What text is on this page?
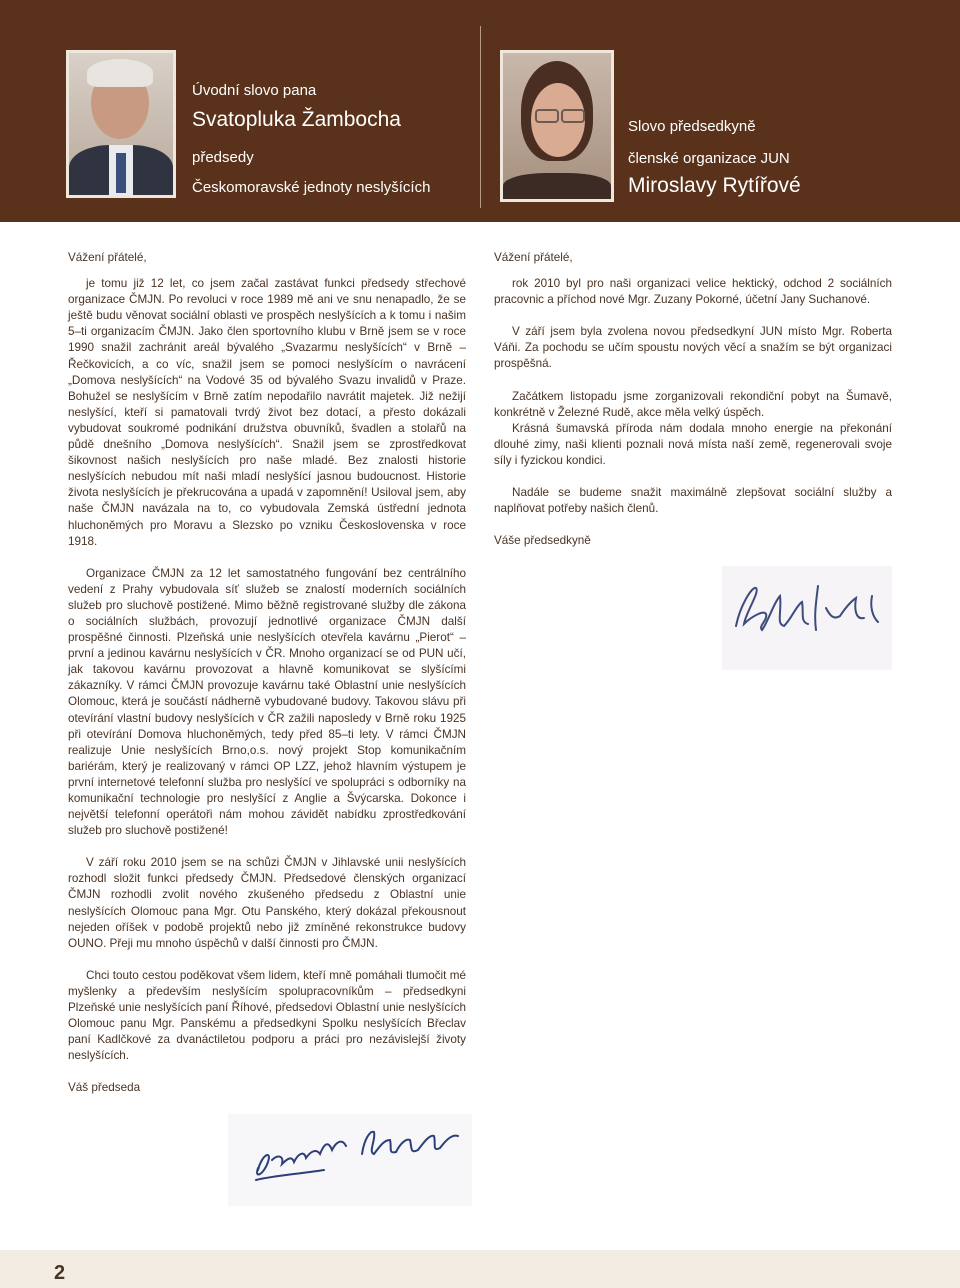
Úvodní slovo pana
Svatopluka Žambocha
předsedy
Českomoravské jednoty neslyšících
Slovo předsedkyně
členské organizace JUN
Miroslavy Rytířové

Vážení přátelé,

je tomu již 12 let, co jsem začal zastávat funkci předsedy střechové organizace ČMJN. Po revoluci v roce 1989 mě ani ve snu nenapadlo, že se ještě budu věnovat sociální oblasti ve prospěch neslyšících a k tomu i našim 5–ti organizacím ČMJN. Jako člen sportovního klubu v Brně jsem se v roce 1990 snažil zachránit areál bývalého „Svazarmu neslyšících“ v Brně – Řečkovicích, a co víc, snažil jsem se pomoci neslyšícím o navrácení „Domova neslyšících“ na Vodové 35 od bývalého Svazu invalidů v Praze. Bohužel se neslyšícím v Brně zatím nepodařilo navrátit majetek. Již nežijí neslyšící, kteří si pamatovali tvrdý život bez dotací, a přesto dokázali vybudovat soukromé podnikání družstva obuvníků, švadlen a stolařů na půdě dnešního „Domova neslyšících“. Snažil jsem se zprostředkovat šikovnost našich neslyšících pro naše mladé. Bez znalosti historie neslyšících nebudou mít naši mladí neslyšící jasnou budoucnost. Historie života neslyšících je překrucována a upadá v zapomnění! Usiloval jsem, aby naše ČMJN navázala na to, co vybudovala Zemská ústřední jednota hluchoněmých pro Moravu a Slezsko po vzniku Československa v roce 1918.

Organizace ČMJN za 12 let samostatného fungování bez centrálního vedení z Prahy vybudovala síť služeb se znalostí moderních sociálních služeb pro sluchově postižené. Mimo běžně registrované služby dle zákona o sociálních službách, provozují jednotlivé organizace ČMJN další prospěšné činnosti. Plzeňská unie neslyšících otevřela kavárnu „Pierot“ – první a jedinou kavárnu neslyšících v ČR. Mnoho organizací se od PUN učí, jak takovou kavárnu provozovat a hlavně komunikovat se slyšícími zákazníky. V rámci ČMJN provozuje kavárnu také Oblastní unie neslyšících Olomouc, která je součástí nádherně vybudované budovy. Takovou slávu při otevírání vlastní budovy neslyšících v ČR zažili naposledy v Brně roku 1925 při otevírání Domova hluchoněmých, tedy před 85–ti lety. V rámci ČMJN realizuje Unie neslyšících Brno,o.s. nový projekt Stop komunikačním bariérám, který je realizovaný v rámci OP LZZ, jehož hlavním výstupem je první internetové telefonní služba pro neslyšící ve spolupráci s odborníky na komunikační technologie pro neslyšící z Anglie a Švýcarska. Dokonce i největší telefonní operátoři nám mohou závidět nabídku zprostředkování služeb pro sluchově postižené!

V září roku 2010 jsem se na schůzi ČMJN v Jihlavské unii neslyšících rozhodl složit funkci předsedy ČMJN. Předsedové členských organizací ČMJN rozhodli zvolit nového zkušeného předsedu z Oblastní unie neslyšících Olomouc pana Mgr. Otu Panského, který dokázal překousnout nejeden oříšek v podobě projektů nebo již zmíněné rekonstrukce budovy OUNO. Přeji mu mnoho úspěchů v další činnosti pro ČMJN.

Chci touto cestou poděkovat všem lidem, kteří mně pomáhali tlumočit mé myšlenky a především neslyšícím spolupracovníkům – předsedkyni Plzeňské unie neslyšících paní Říhové, předsedovi Oblastní unie neslyšících Olomouc panu Mgr. Panskému a předsedkyni Spolku neslyšících Břeclav paní Kadlčkové za dvanáctiletou podporu a práci pro nezávislejší životy neslyšících.

Váš předseda

Vážení přátelé,

rok 2010 byl pro naši organizaci velice hektický, odchod 2 sociálních pracovnic a příchod nové Mgr. Zuzany Pokorné, účetní Jany Suchanové.

V září jsem byla zvolena novou předsedkyní JUN místo Mgr. Roberta Váňi. Za pochodu se učím spoustu nových věcí a snažím se být organizaci prospěšná.

Začátkem listopadu jsme zorganizovali rekondiční pobyt na Šumavě, konkrétně v Železné Rudě, akce měla velký úspěch.

Krásná šumavská příroda nám dodala mnoho energie na překonání dlouhé zimy, naši klienti poznali nová místa naší země, regenerovali svoje síly i fyzickou kondici.

Nadále se budeme snažit maximálně zlepšovat sociální služby a naplňovat potřeby našich členů.

Váše předsedkyně

2
